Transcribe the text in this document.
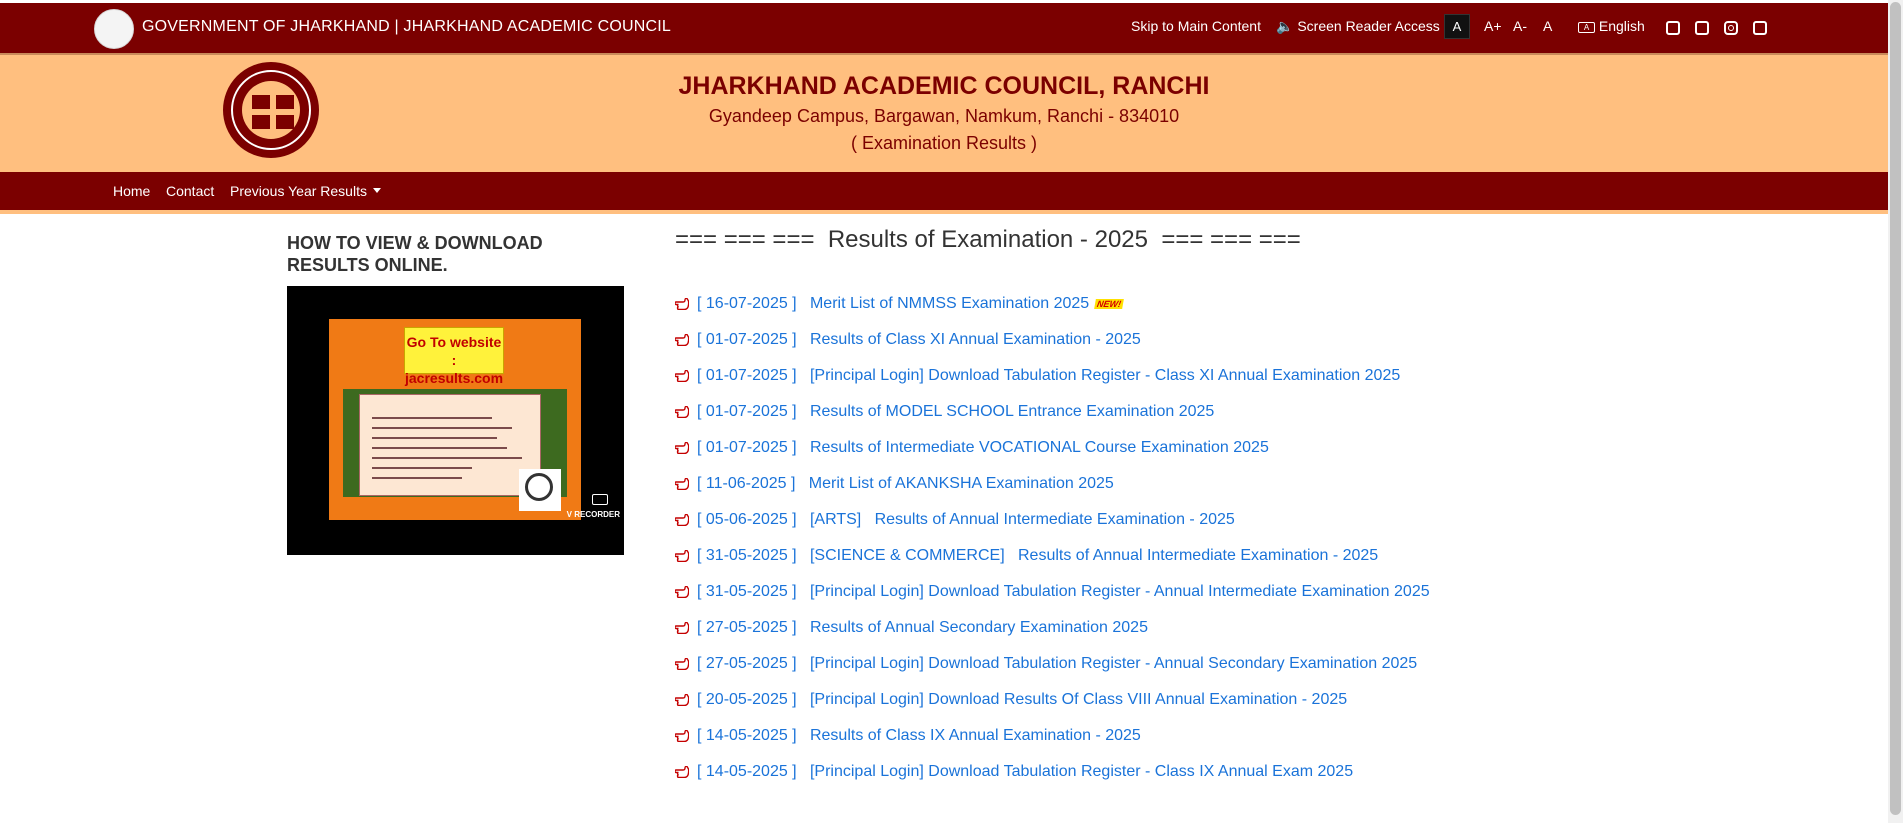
GOVERNMENT OF JHARKHAND | JHARKHAND ACADEMIC COUNCIL	Skip to Main Content 🔈 Screen Reader Access A	A+ A- A	A English
JHARKHAND ACADEMIC COUNCIL, RANCHI
Gyandeep Campus, Bargawan, Namkum, Ranchi - 834010
( Examination Results )
Home Contact Previous Year Results
HOW TO VIEW & DOWNLOAD RESULTS ONLINE.
Go To website : jacresults.com
V RECORDER
=== === ===  Results of Examination - 2025  === === ===
[ 16-07-2025 ] Merit List of NMMSS Examination 2025 NEW!
[ 01-07-2025 ] Results of Class XI Annual Examination - 2025
[ 01-07-2025 ] [Principal Login] Download Tabulation Register - Class XI Annual Examination 2025
[ 01-07-2025 ] Results of MODEL SCHOOL Entrance Examination 2025
[ 01-07-2025 ] Results of Intermediate VOCATIONAL Course Examination 2025
[ 11-06-2025 ] Merit List of AKANKSHA Examination 2025
[ 05-06-2025 ] [ARTS]   Results of Annual Intermediate Examination - 2025
[ 31-05-2025 ] [SCIENCE & COMMERCE]   Results of Annual Intermediate Examination - 2025
[ 31-05-2025 ] [Principal Login] Download Tabulation Register - Annual Intermediate Examination 2025
[ 27-05-2025 ] Results of Annual Secondary Examination 2025
[ 27-05-2025 ] [Principal Login] Download Tabulation Register - Annual Secondary Examination 2025
[ 20-05-2025 ] [Principal Login] Download Results Of Class VIII Annual Examination - 2025
[ 14-05-2025 ] Results of Class IX Annual Examination - 2025
[ 14-05-2025 ] [Principal Login] Download Tabulation Register - Class IX Annual Exam 2025
